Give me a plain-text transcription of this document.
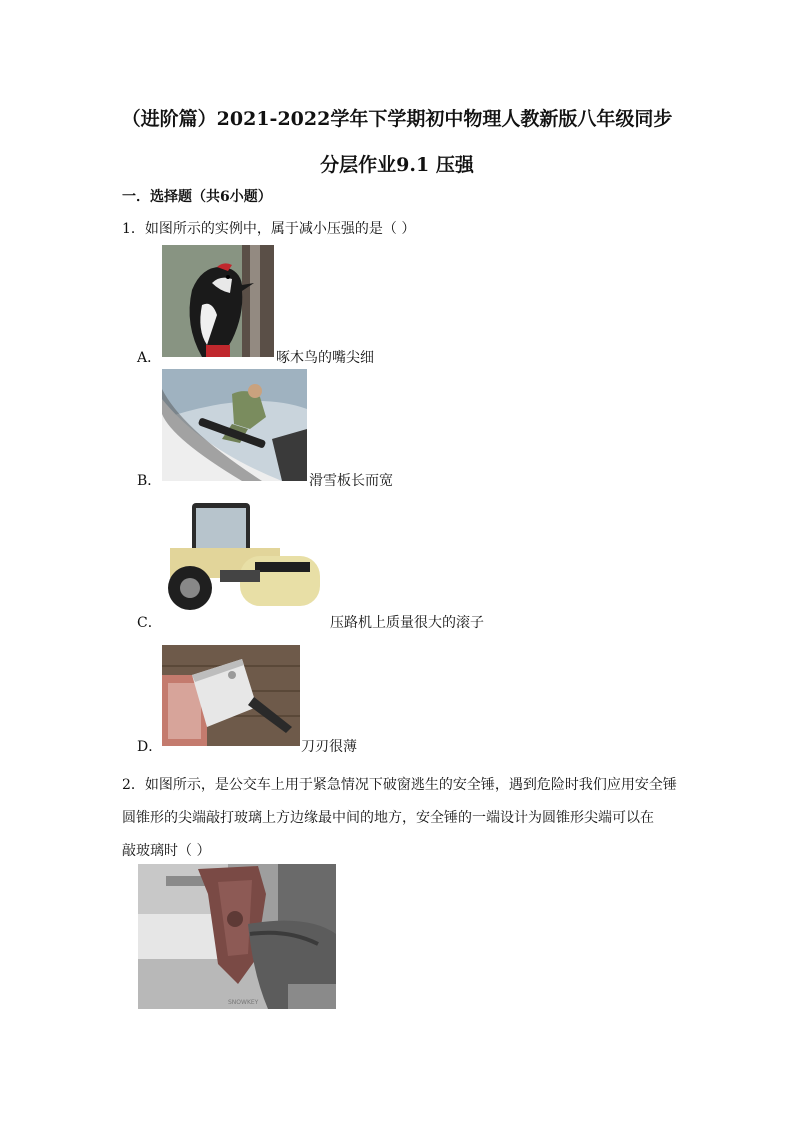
（进阶篇）2021-2022学年下学期初中物理人教新版八年级同步
分层作业9.1 压强
一．选择题（共6小题）
1．如图所示的实例中，属于减小压强的是（ ）
A．	啄木鸟的嘴尖细
B．	滑雪板长而宽
C．	压路机上质量很大的滚子
D．	刀刃很薄
2．如图所示，是公交车上用于紧急情况下破窗逃生的安全锤，遇到危险时我们应用安全锤
圆锥形的尖端敲打玻璃上方边缘最中间的地方，安全锤的一端设计为圆锥形尖端可以在
敲玻璃时（ ）
SNOWKEY
